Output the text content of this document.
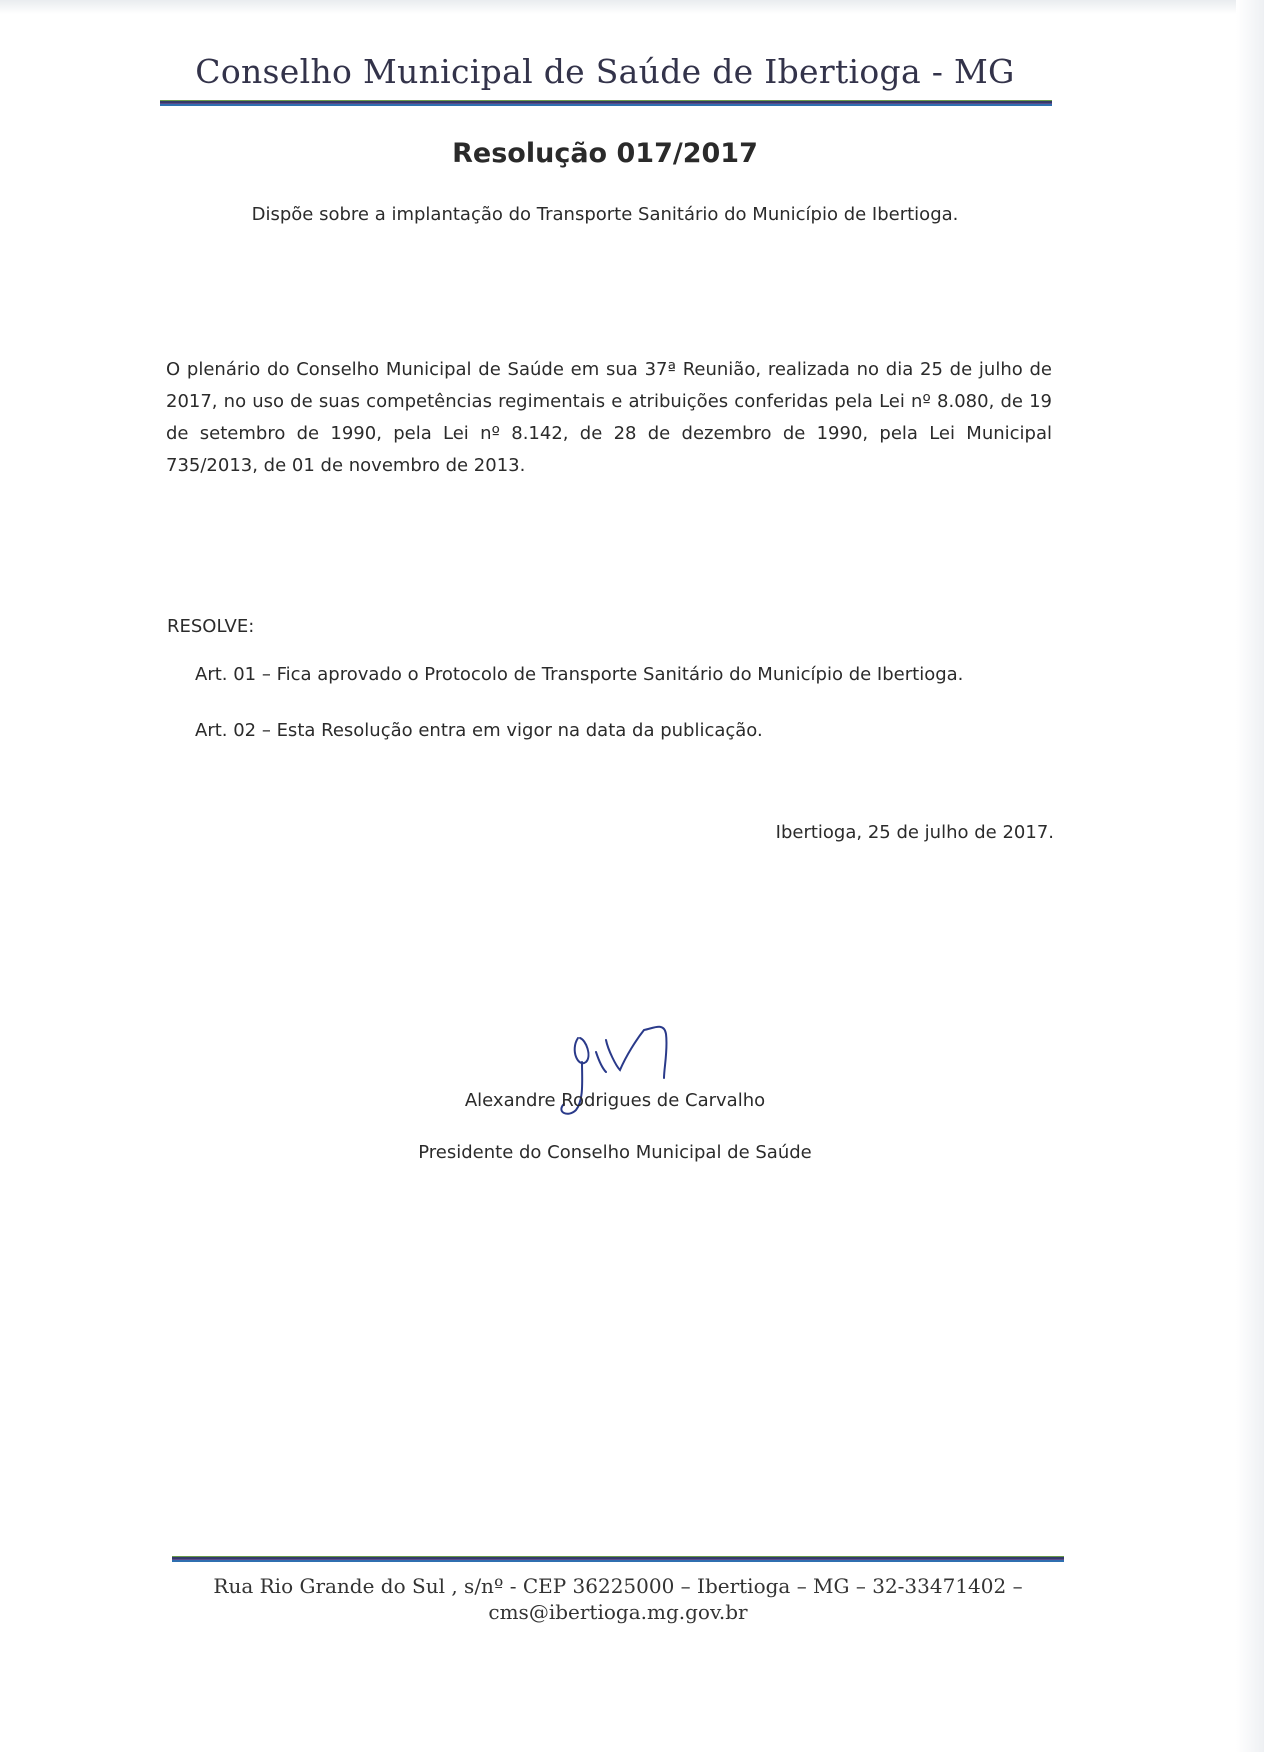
Conselho Municipal de Saúde de Ibertioga - MG
Resolução 017/2017
Dispõe sobre a implantação do Transporte Sanitário do Município de Ibertioga.
O plenário do Conselho Municipal de Saúde em sua 37ª Reunião, realizada no dia 25 de julho de 2017, no uso de suas competências regimentais e atribuições conferidas pela Lei nº 8.080, de 19 de setembro de 1990, pela Lei nº 8.142, de 28 de dezembro de 1990, pela Lei Municipal 735/2013, de 01 de novembro de 2013.
RESOLVE:
Art. 01 – Fica aprovado o Protocolo de Transporte Sanitário do Município de Ibertioga.
Art. 02 – Esta Resolução entra em vigor na data da publicação.
Ibertioga, 25 de julho de 2017.
Alexandre Rodrigues de Carvalho
Presidente do Conselho Municipal de Saúde
Rua Rio Grande do Sul , s/nº - CEP 36225000 – Ibertioga – MG – 32-33471402 –
cms@ibertioga.mg.gov.br
